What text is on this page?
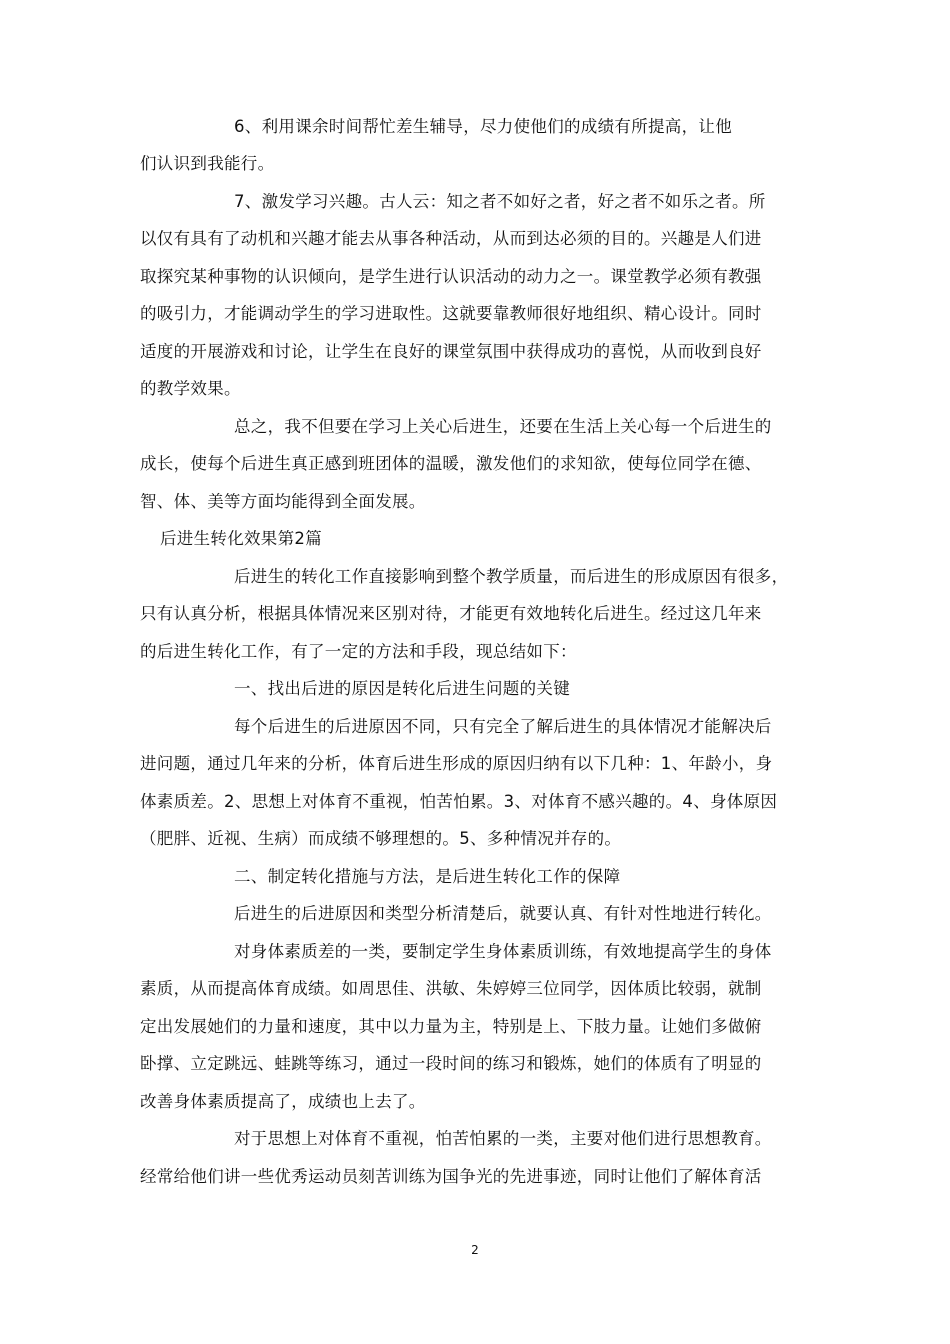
6、利用课余时间帮忙差生辅导，尽力使他们的成绩有所提高，让他
们认识到我能行。
7、激发学习兴趣。古人云：知之者不如好之者，好之者不如乐之者。所
以仅有具有了动机和兴趣才能去从事各种活动，从而到达必须的目的。兴趣是人们进
取探究某种事物的认识倾向，是学生进行认识活动的动力之一。课堂教学必须有教强
的吸引力，才能调动学生的学习进取性。这就要靠教师很好地组织、精心设计。同时
适度的开展游戏和讨论，让学生在良好的课堂氛围中获得成功的喜悦，从而收到良好
的教学效果。
总之，我不但要在学习上关心后进生，还要在生活上关心每一个后进生的
成长，使每个后进生真正感到班团体的温暖，激发他们的求知欲，使每位同学在德、
智、体、美等方面均能得到全面发展。
后进生转化效果第2篇
后进生的转化工作直接影响到整个教学质量，而后进生的形成原因有很多，
只有认真分析，根据具体情况来区别对待，才能更有效地转化后进生。经过这几年来
的后进生转化工作，有了一定的方法和手段，现总结如下：
一、找出后进的原因是转化后进生问题的关键
每个后进生的后进原因不同，只有完全了解后进生的具体情况才能解决后
进问题，通过几年来的分析，体育后进生形成的原因归纳有以下几种：1、年龄小，身
体素质差。2、思想上对体育不重视，怕苦怕累。3、对体育不感兴趣的。4、身体原因
（肥胖、近视、生病）而成绩不够理想的。5、多种情况并存的。
二、制定转化措施与方法，是后进生转化工作的保障
后进生的后进原因和类型分析清楚后，就要认真、有针对性地进行转化。
对身体素质差的一类，要制定学生身体素质训练，有效地提高学生的身体
素质，从而提高体育成绩。如周思佳、洪敏、朱婷婷三位同学，因体质比较弱，就制
定出发展她们的力量和速度，其中以力量为主，特别是上、下肢力量。让她们多做俯
卧撑、立定跳远、蛙跳等练习，通过一段时间的练习和锻炼，她们的体质有了明显的
改善身体素质提高了，成绩也上去了。
对于思想上对体育不重视，怕苦怕累的一类，主要对他们进行思想教育。
经常给他们讲一些优秀运动员刻苦训练为国争光的先进事迹，同时让他们了解体育活
2
